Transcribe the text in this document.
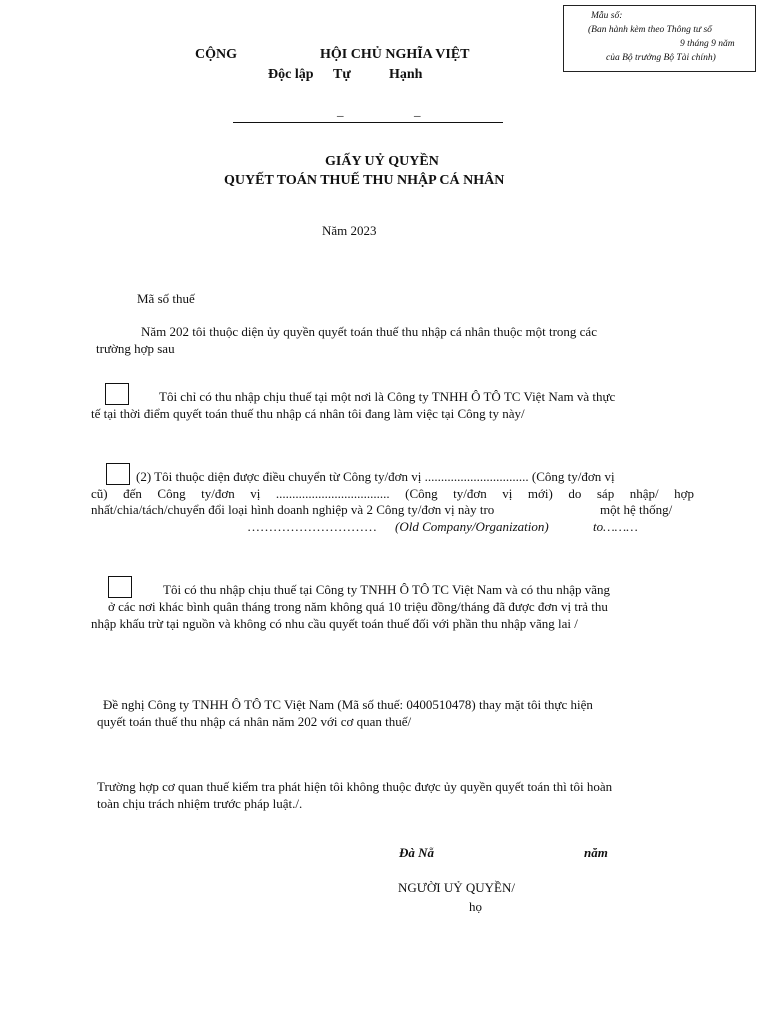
Mẫu số:
(Ban hành kèm theo Thông tư số
9 tháng 9 năm
của Bộ trưởng Bộ Tài chính)
CỘNG	HỘI CHỦ NGHĨA VIỆT
Độc lập Tự	Hạnh
_	_
GIẤY UỶ QUYỀN
QUYẾT TOÁN THUẾ THU NHẬP CÁ NHÂN
Năm 2023
Mã số thuế
Năm 202 tôi thuộc diện ủy quyền quyết toán thuế thu nhập cá nhân thuộc một trong các
trường hợp sau
Tôi chỉ có thu nhập chịu thuế tại một nơi là Công ty TNHH Ô TÔ TC Việt Nam và thực
tế tại thời điểm quyết toán thuế thu nhập cá nhân tôi đang làm việc tại Công ty này/
(2) Tôi thuộc diện được điều chuyển từ Công ty/đơn vị ................................ (Công ty/đơn vị
cũ) đến Công ty/đơn vị ................................... (Công ty/đơn vị mới) do sáp nhập/ hợp
nhất/chia/tách/chuyển đổi loại hình doanh nghiệp và 2 Công ty/đơn vị này tro	một hệ thống/
………………………… (Old Company/Organization)	to………
Tôi có thu nhập chịu thuế tại Công ty TNHH Ô TÔ TC Việt Nam và có thu nhập vãng
ở các nơi khác bình quân tháng trong năm không quá 10 triệu đồng/tháng đã được đơn vị trả thu
nhập khấu trừ tại nguồn và không có nhu cầu quyết toán thuế đối với phần thu nhập vãng lai /
Đề nghị Công ty TNHH Ô TÔ TC Việt Nam (Mã số thuế: 0400510478) thay mặt tôi thực hiện
quyết toán thuế thu nhập cá nhân năm 202 với cơ quan thuế/
Trường hợp cơ quan thuế kiểm tra phát hiện tôi không thuộc được ủy quyền quyết toán thì tôi hoàn
toàn chịu trách nhiệm trước pháp luật./.
Đà Nẵ	năm
NGƯỜI UỶ QUYỀN/
họ
